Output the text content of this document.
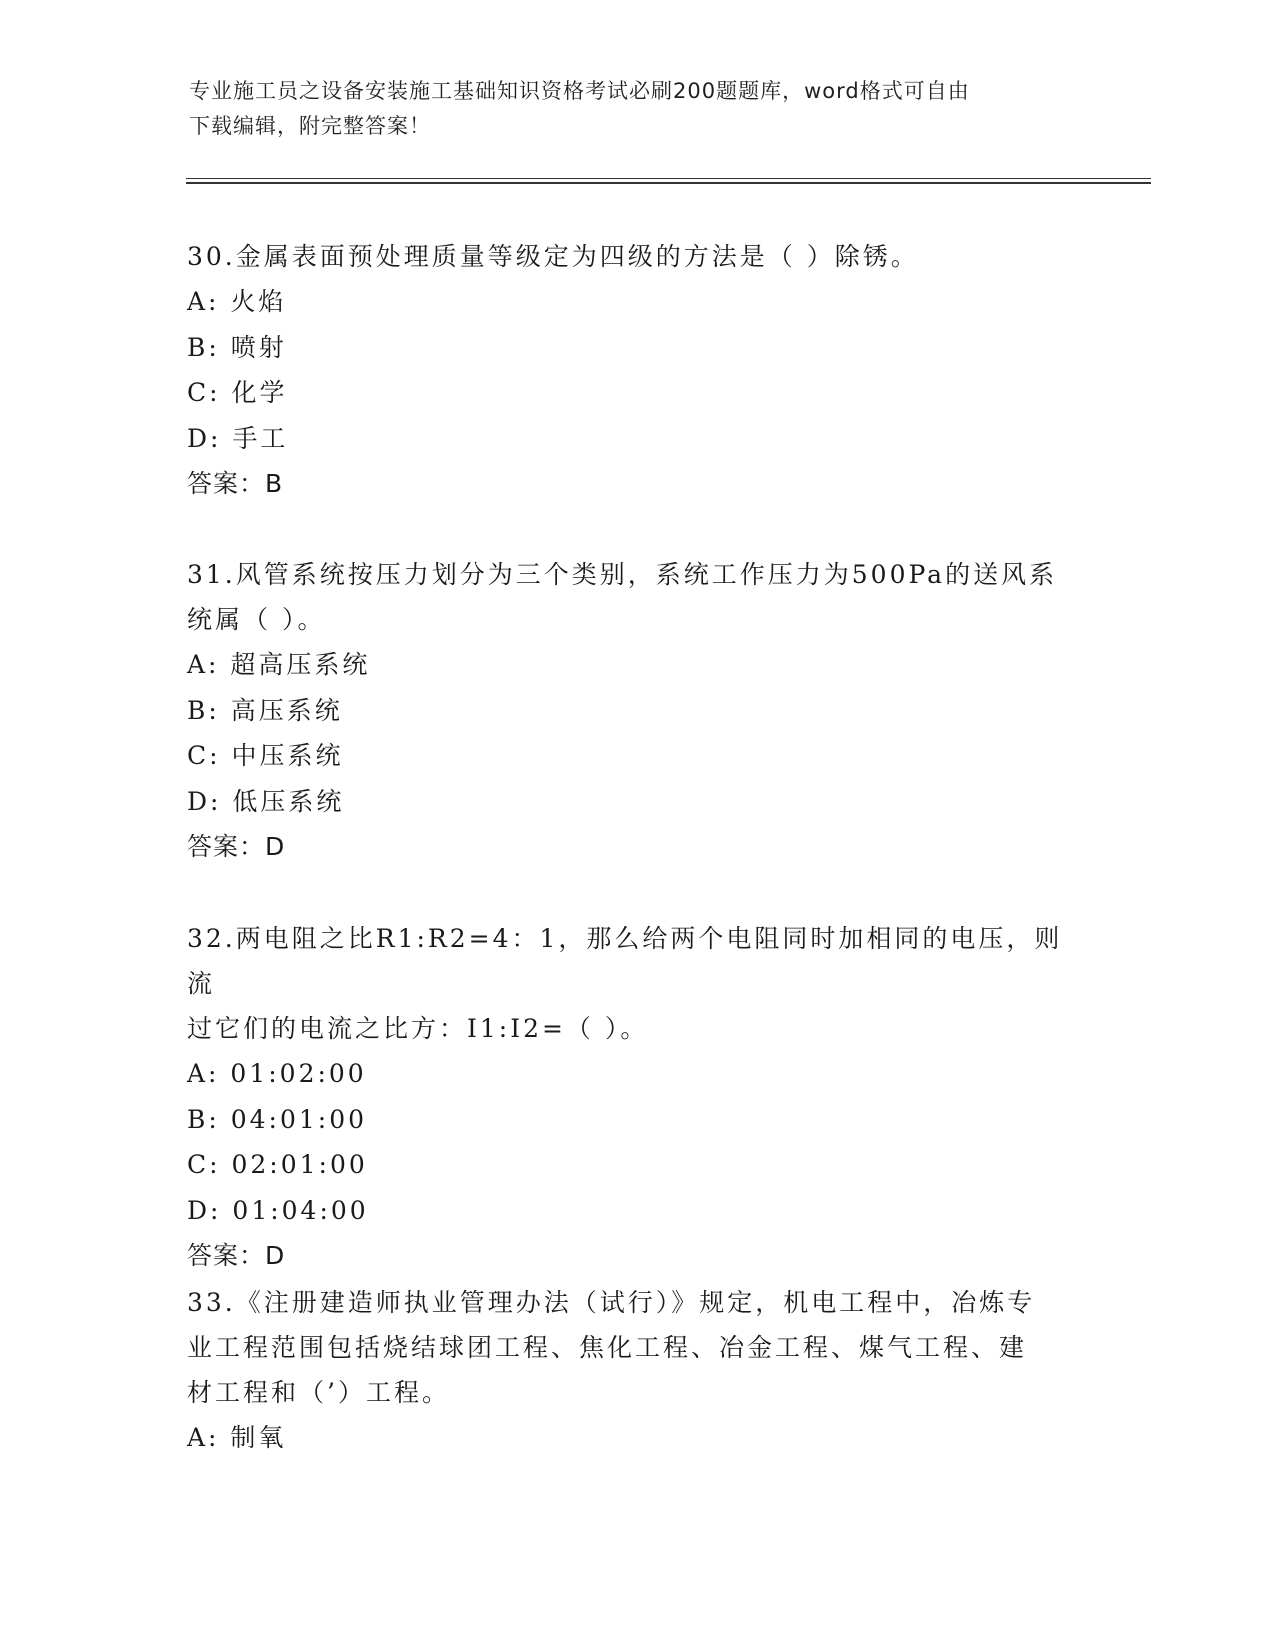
专业施工员之设备安装施工基础知识资格考试必刷200题题库，word格式可自由
下载编辑，附完整答案！
30.金属表面预处理质量等级定为四级的方法是（ ）除锈。
A: 火焰
B: 喷射
C: 化学
D: 手工
答案：B
31.风管系统按压力划分为三个类别，系统工作压力为500Pa的送风系
统属（ ）。
A: 超高压系统
B: 高压系统
C: 中压系统
D: 低压系统
答案：D
32.两电阻之比R1:R2=4：1，那么给两个电阻同时加相同的电压，则流
过它们的电流之比方：I1:I2=（ ）。
A: 01:02:00
B: 04:01:00
C: 02:01:00
D: 01:04:00
答案：D
33.《注册建造师执业管理办法（试行）》规定，机电工程中，冶炼专
业工程范围包括烧结球团工程、焦化工程、冶金工程、煤气工程、建
材工程和（’）工程。
A: 制氧
